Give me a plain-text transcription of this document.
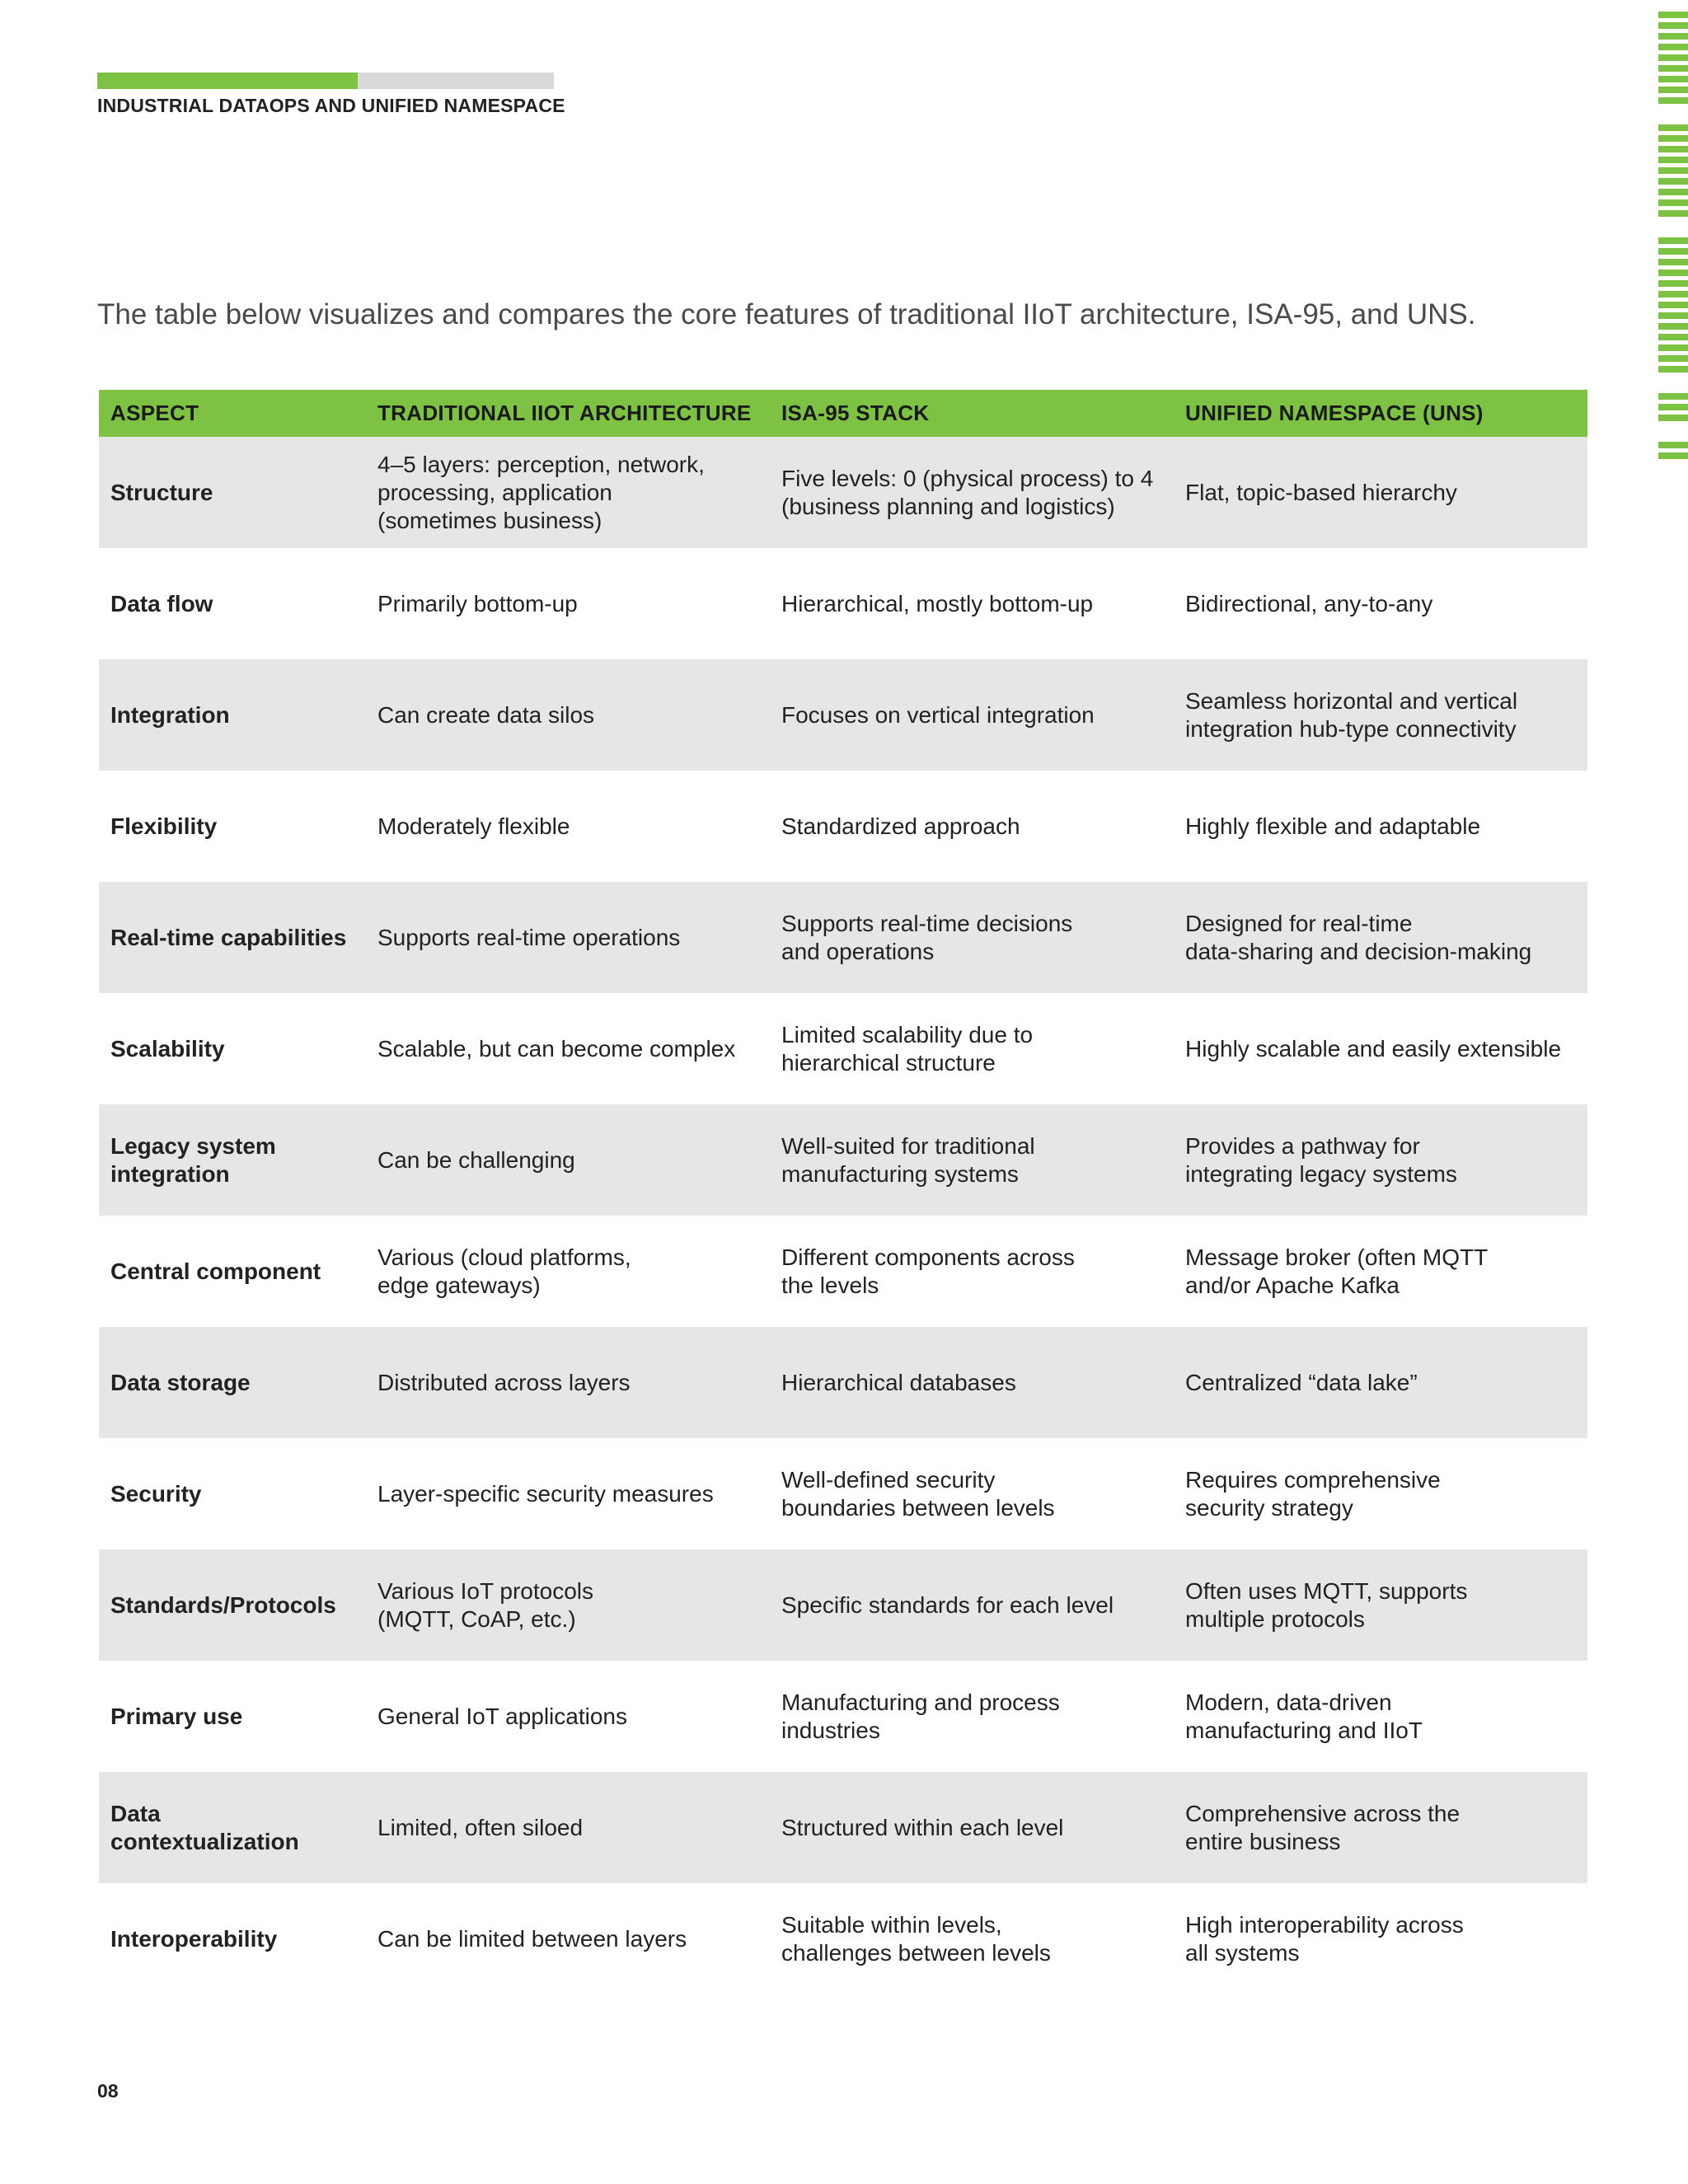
INDUSTRIAL DATAOPS AND UNIFIED NAMESPACE
The table below visualizes and compares the core features of traditional IIoT architecture, ISA-95, and UNS.
ASPECT	TRADITIONAL IIOT ARCHITECTURE	ISA-95 STACK	UNIFIED NAMESPACE (UNS)

Structure	4–5 layers: perception, network,
processing, application
(sometimes business)	Five levels: 0 (physical process) to 4
(business planning and logistics)	Flat, topic-based hierarchy

Data flow	Primarily bottom-up	Hierarchical, mostly bottom-up	Bidirectional, any-to-any

Integration	Can create data silos	Focuses on vertical integration	Seamless horizontal and vertical
integration hub-type connectivity

Flexibility	Moderately flexible	Standardized approach	Highly flexible and adaptable

Real-time capabilities	Supports real-time operations	Supports real-time decisions
and operations	Designed for real-time
data-sharing and decision-making

Scalability	Scalable, but can become complex	Limited scalability due to
hierarchical structure	Highly scalable and easily extensible

Legacy system
integration	Can be challenging	Well-suited for traditional
manufacturing systems	Provides a pathway for
integrating legacy systems

Central component	Various (cloud platforms,
edge gateways)	Different components across
the levels	Message broker (often MQTT
and/or Apache Kafka

Data storage	Distributed across layers	Hierarchical databases	Centralized “data lake”

Security	Layer-specific security measures	Well-defined security
boundaries between levels	Requires comprehensive
security strategy

Standards/Protocols	Various IoT protocols
(MQTT, CoAP, etc.)	Specific standards for each level	Often uses MQTT, supports
multiple protocols

Primary use	General IoT applications	Manufacturing and process
industries	Modern, data-driven
manufacturing and IIoT

Data
contextualization	Limited, often siloed	Structured within each level	Comprehensive across the
entire business

Interoperability	Can be limited between layers	Suitable within levels,
challenges between levels	High interoperability across
all systems
08
